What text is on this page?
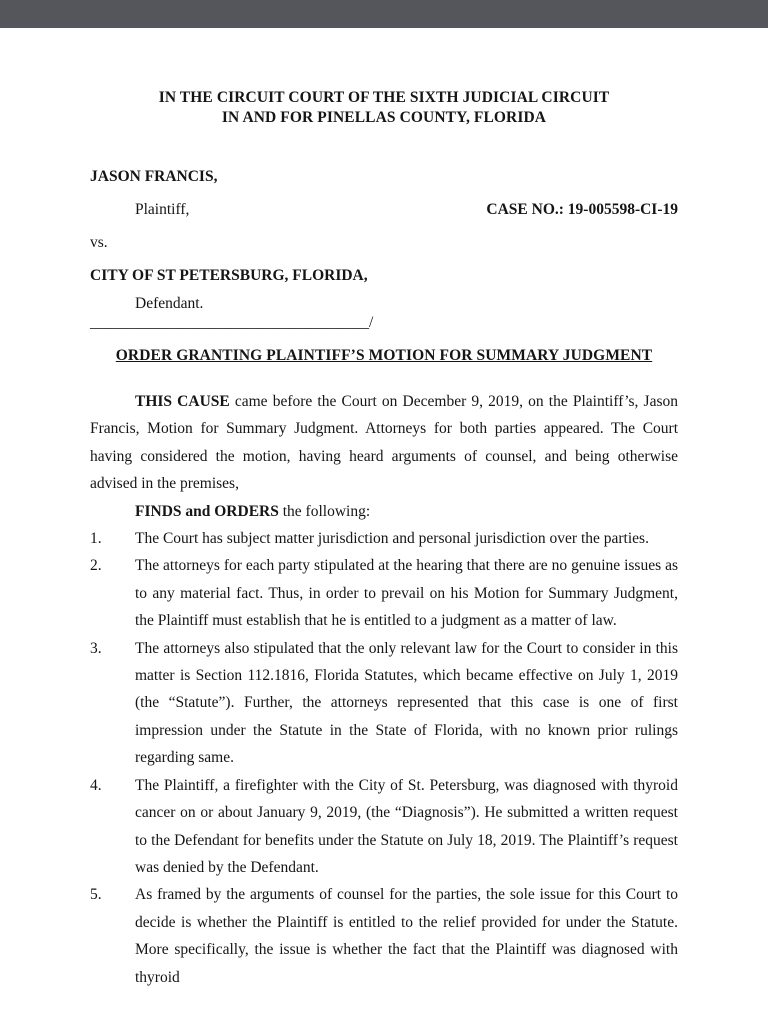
IN THE CIRCUIT COURT OF THE SIXTH JUDICIAL CIRCUIT
IN AND FOR PINELLAS COUNTY, FLORIDA
JASON FRANCIS,
Plaintiff,	CASE NO.: 19-005598-CI-19
vs.
CITY OF ST PETERSBURG, FLORIDA,
Defendant.
____________________________________/
ORDER GRANTING PLAINTIFF’S MOTION FOR SUMMARY JUDGMENT

THIS CAUSE came before the Court on December 9, 2019, on the Plaintiff’s, Jason Francis, Motion for Summary Judgment. Attorneys for both parties appeared. The Court having considered the motion, having heard arguments of counsel, and being otherwise advised in the premises,

FINDS and ORDERS the following:

1.	The Court has subject matter jurisdiction and personal jurisdiction over the parties.
2.	The attorneys for each party stipulated at the hearing that there are no genuine issues as to any material fact. Thus, in order to prevail on his Motion for Summary Judgment, the Plaintiff must establish that he is entitled to a judgment as a matter of law.
3.	The attorneys also stipulated that the only relevant law for the Court to consider in this matter is Section 112.1816, Florida Statutes, which became effective on July 1, 2019 (the “Statute”). Further, the attorneys represented that this case is one of first impression under the Statute in the State of Florida, with no known prior rulings regarding same.
4.	The Plaintiff, a firefighter with the City of St. Petersburg, was diagnosed with thyroid cancer on or about January 9, 2019, (the “Diagnosis”). He submitted a written request to the Defendant for benefits under the Statute on July 18, 2019. The Plaintiff’s request was denied by the Defendant.
5.	As framed by the arguments of counsel for the parties, the sole issue for this Court to decide is whether the Plaintiff is entitled to the relief provided for under the Statute. More specifically, the issue is whether the fact that the Plaintiff was diagnosed with thyroid
